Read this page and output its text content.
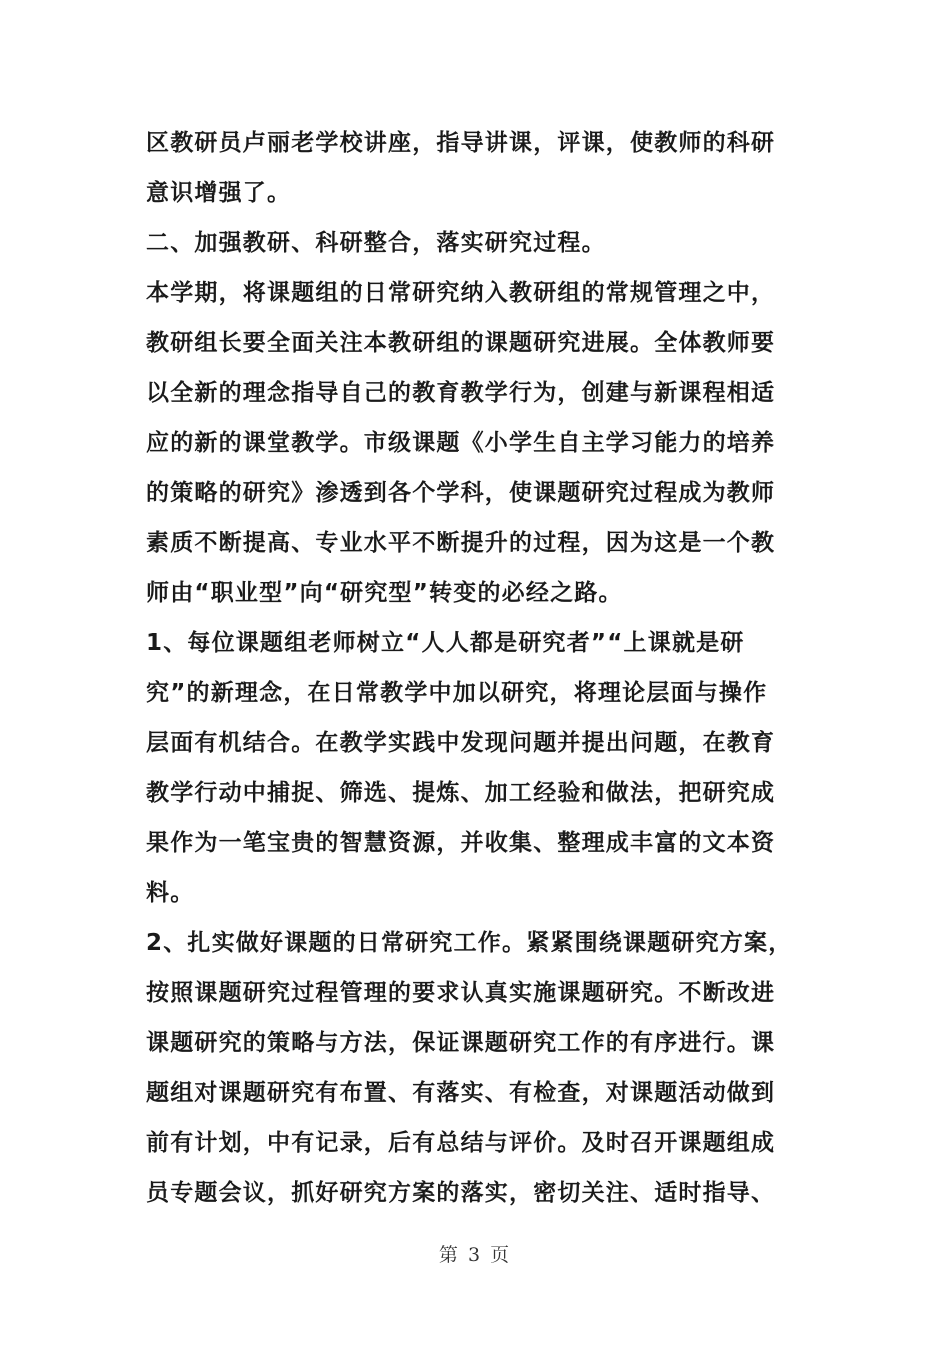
区教研员卢丽老学校讲座，指导讲课，评课，使教师的科研
意识增强了。
二、加强教研、科研整合，落实研究过程。
本学期，将课题组的日常研究纳入教研组的常规管理之中，
教研组长要全面关注本教研组的课题研究进展。全体教师要
以全新的理念指导自己的教育教学行为，创建与新课程相适
应的新的课堂教学。市级课题《小学生自主学习能力的培养
的策略的研究》渗透到各个学科，使课题研究过程成为教师
素质不断提高、专业水平不断提升的过程，因为这是一个教
师由“职业型”向“研究型”转变的必经之路。
1、每位课题组老师树立“人人都是研究者”“上课就是研
究”的新理念，在日常教学中加以研究，将理论层面与操作
层面有机结合。在教学实践中发现问题并提出问题，在教育
教学行动中捕捉、筛选、提炼、加工经验和做法，把研究成
果作为一笔宝贵的智慧资源，并收集、整理成丰富的文本资
料。
2、扎实做好课题的日常研究工作。紧紧围绕课题研究方案，
按照课题研究过程管理的要求认真实施课题研究。不断改进
课题研究的策略与方法，保证课题研究工作的有序进行。课
题组对课题研究有布置、有落实、有检查，对课题活动做到
前有计划，中有记录，后有总结与评价。及时召开课题组成
员专题会议，抓好研究方案的落实，密切关注、适时指导、
第 3 页
